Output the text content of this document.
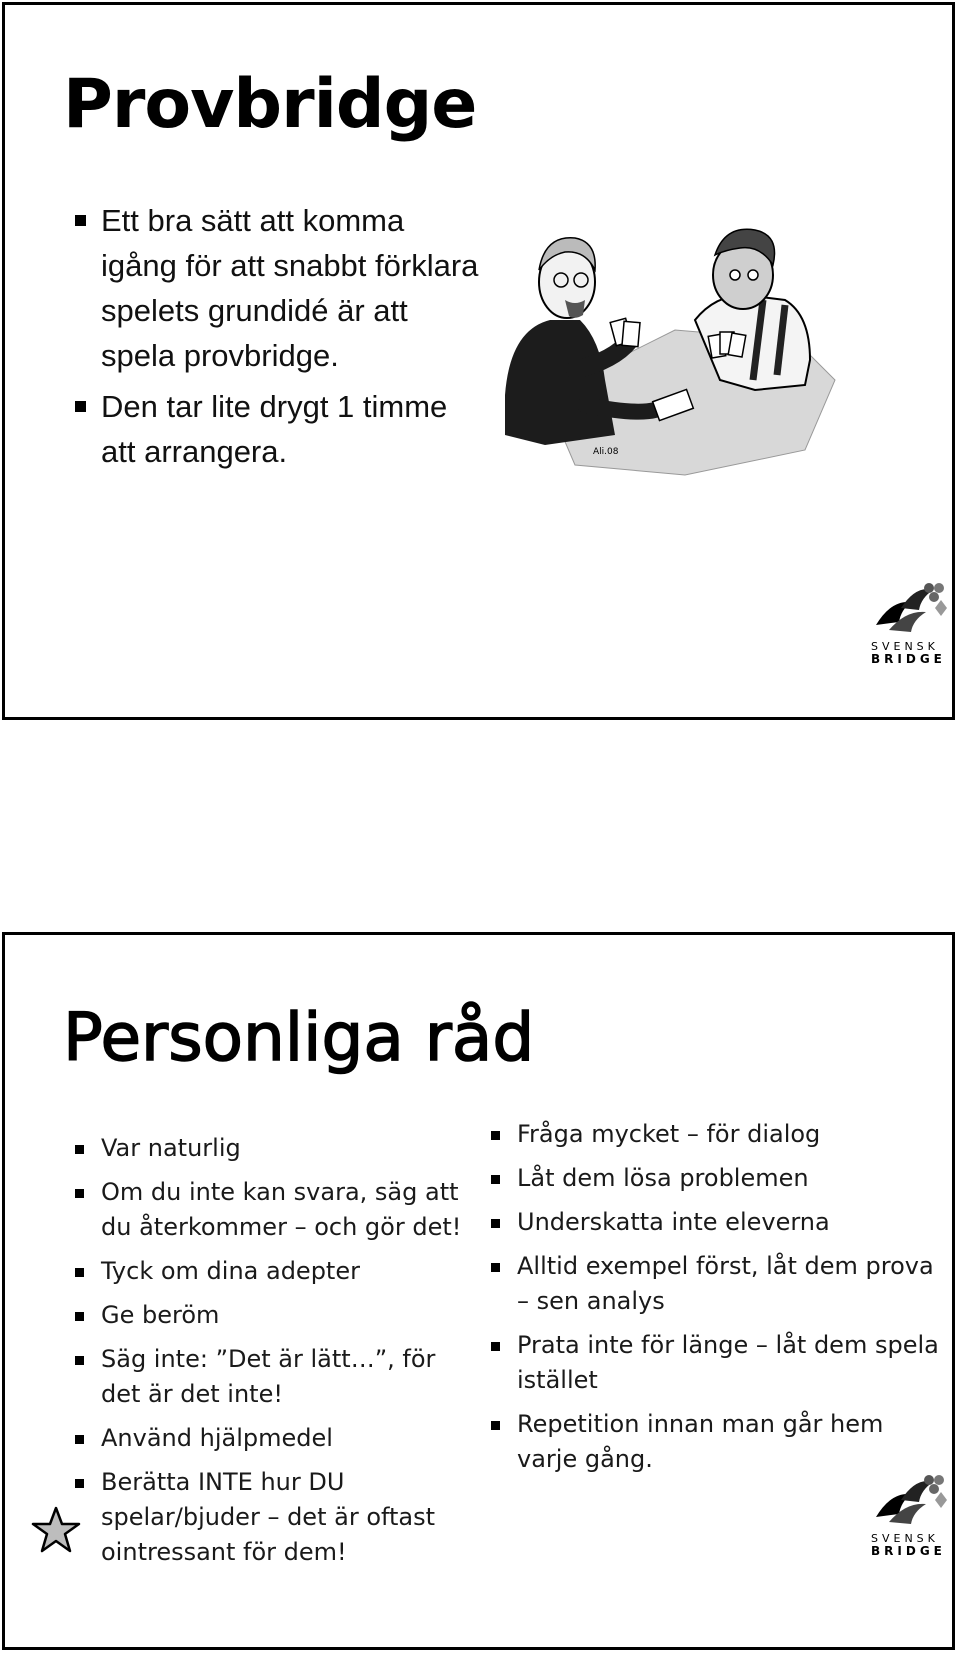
Provbridge
Ett bra sätt att komma igång för att snabbt förklara spelets grundidé är att spela provbridge.
Den tar lite drygt 1 timme att arrangera.	Ali.08
SVENSK
BRIDGE
Personliga råd
Var naturlig
Om du inte kan svara, säg att du återkommer – och gör det!
Tyck om dina adepter
Ge beröm
Säg inte: ”Det är lätt…”, för det är det inte!
Använd hjälpmedel
Berätta INTE hur DU spelar/bjuder – det är oftast ointressant för dem!
Fråga mycket – för dialog
Låt dem lösa problemen
Underskatta inte eleverna
Alltid exempel först, låt dem prova – sen analys
Prata inte för länge – låt dem spela istället
Repetition innan man går hem varje gång.
SVENSK
BRIDGE
